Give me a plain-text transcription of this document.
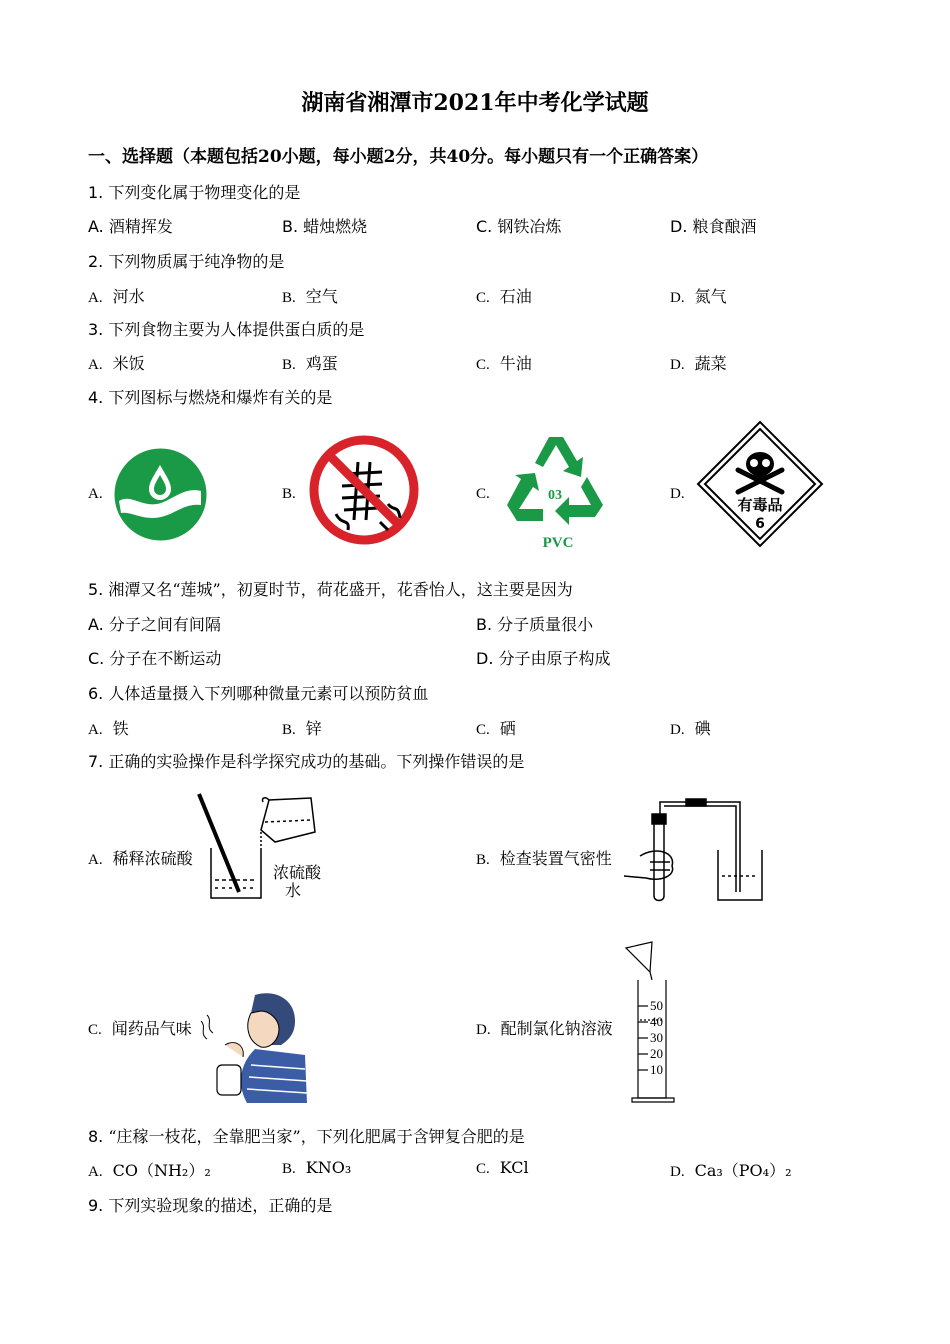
湖南省湘潭市2021年中考化学试题
一、选择题（本题包括20小题，每小题2分，共40分。每小题只有一个正确答案）
1. 下列变化属于物理变化的是
A. 酒精挥发	B. 蜡烛燃烧	C. 钢铁冶炼	D. 粮食酿酒
2. 下列物质属于纯净物的是
A. 河水	B. 空气	C. 石油	D. 氮气
3. 下列食物主要为人体提供蛋白质的是
A. 米饭	B. 鸡蛋	C. 牛油	D. 蔬菜
4. 下列图标与燃烧和爆炸有关的是
A.	B.	C.	D.
03
PVC
有毒品
6
5. 湘潭又名“莲城”，初夏时节，荷花盛开，花香怡人，这主要是因为
A. 分子之间有间隔	B. 分子质量很小
C. 分子在不断运动	D. 分子由原子构成
6. 人体适量摄入下列哪种微量元素可以预防贫血
A. 铁	B. 锌	C. 硒	D. 碘
7. 正确的实验操作是科学探究成功的基础。下列操作错误的是
A. 稀释浓硫酸	B. 检查装置气密性
C. 闻药品气味	D. 配制氯化钠溶液
浓硫酸
水
50
40
30
20
10
8. “庄稼一枝花，全靠肥当家”，下列化肥属于含钾复合肥的是
A. CO（NH₂）₂	B. KNO₃	C. KCl	D. Ca₃（PO₄）₂
9. 下列实验现象的描述，正确的是
